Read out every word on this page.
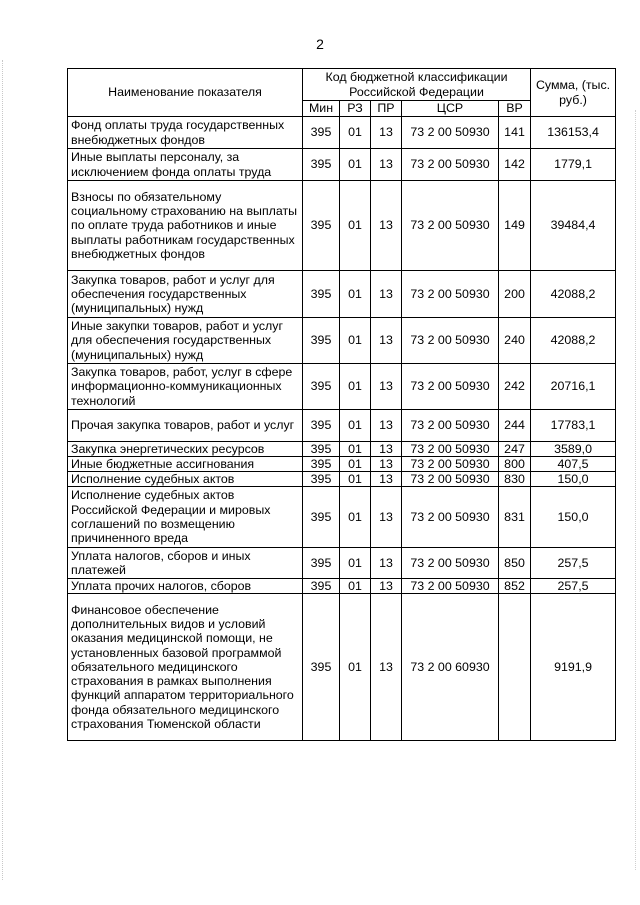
2
Наименование показателя	Код бюджетной классификации Российской Федерации					Сумма, (тыс. руб.)
	Мин	РЗ	ПР	ЦСР	ВР	
Фонд оплаты труда государственных внебюджетных фондов	395	01	13	73 2 00 50930	141	136153,4
Иные выплаты персоналу, за исключением фонда оплаты труда	395	01	13	73 2 00 50930	142	1779,1
Взносы по обязательному социальному страхованию на выплаты по оплате труда работников и иные выплаты работникам государственных внебюджетных фондов	395	01	13	73 2 00 50930	149	39484,4
Закупка товаров, работ и услуг для обеспечения государственных (муниципальных) нужд	395	01	13	73 2 00 50930	200	42088,2
Иные закупки товаров, работ и услуг для обеспечения государственных (муниципальных) нужд	395	01	13	73 2 00 50930	240	42088,2
Закупка товаров, работ, услуг в сфере информационно-коммуникационных технологий	395	01	13	73 2 00 50930	242	20716,1
Прочая закупка товаров, работ и услуг	395	01	13	73 2 00 50930	244	17783,1
Закупка энергетических ресурсов	395	01	13	73 2 00 50930	247	3589,0
Иные бюджетные ассигнования	395	01	13	73 2 00 50930	800	407,5
Исполнение судебных актов	395	01	13	73 2 00 50930	830	150,0
Исполнение судебных актов Российской Федерации и мировых соглашений по возмещению причиненного вреда	395	01	13	73 2 00 50930	831	150,0
Уплата налогов, сборов и иных платежей	395	01	13	73 2 00 50930	850	257,5
Уплата прочих налогов, сборов	395	01	13	73 2 00 50930	852	257,5
Финансовое обеспечение дополнительных видов и условий оказания медицинской помощи, не установленных базовой программой обязательного медицинского страхования в рамках выполнения функций аппаратом территориального фонда обязательного медицинского страхования Тюменской области	395	01	13	73 2 00 60930		9191,9
